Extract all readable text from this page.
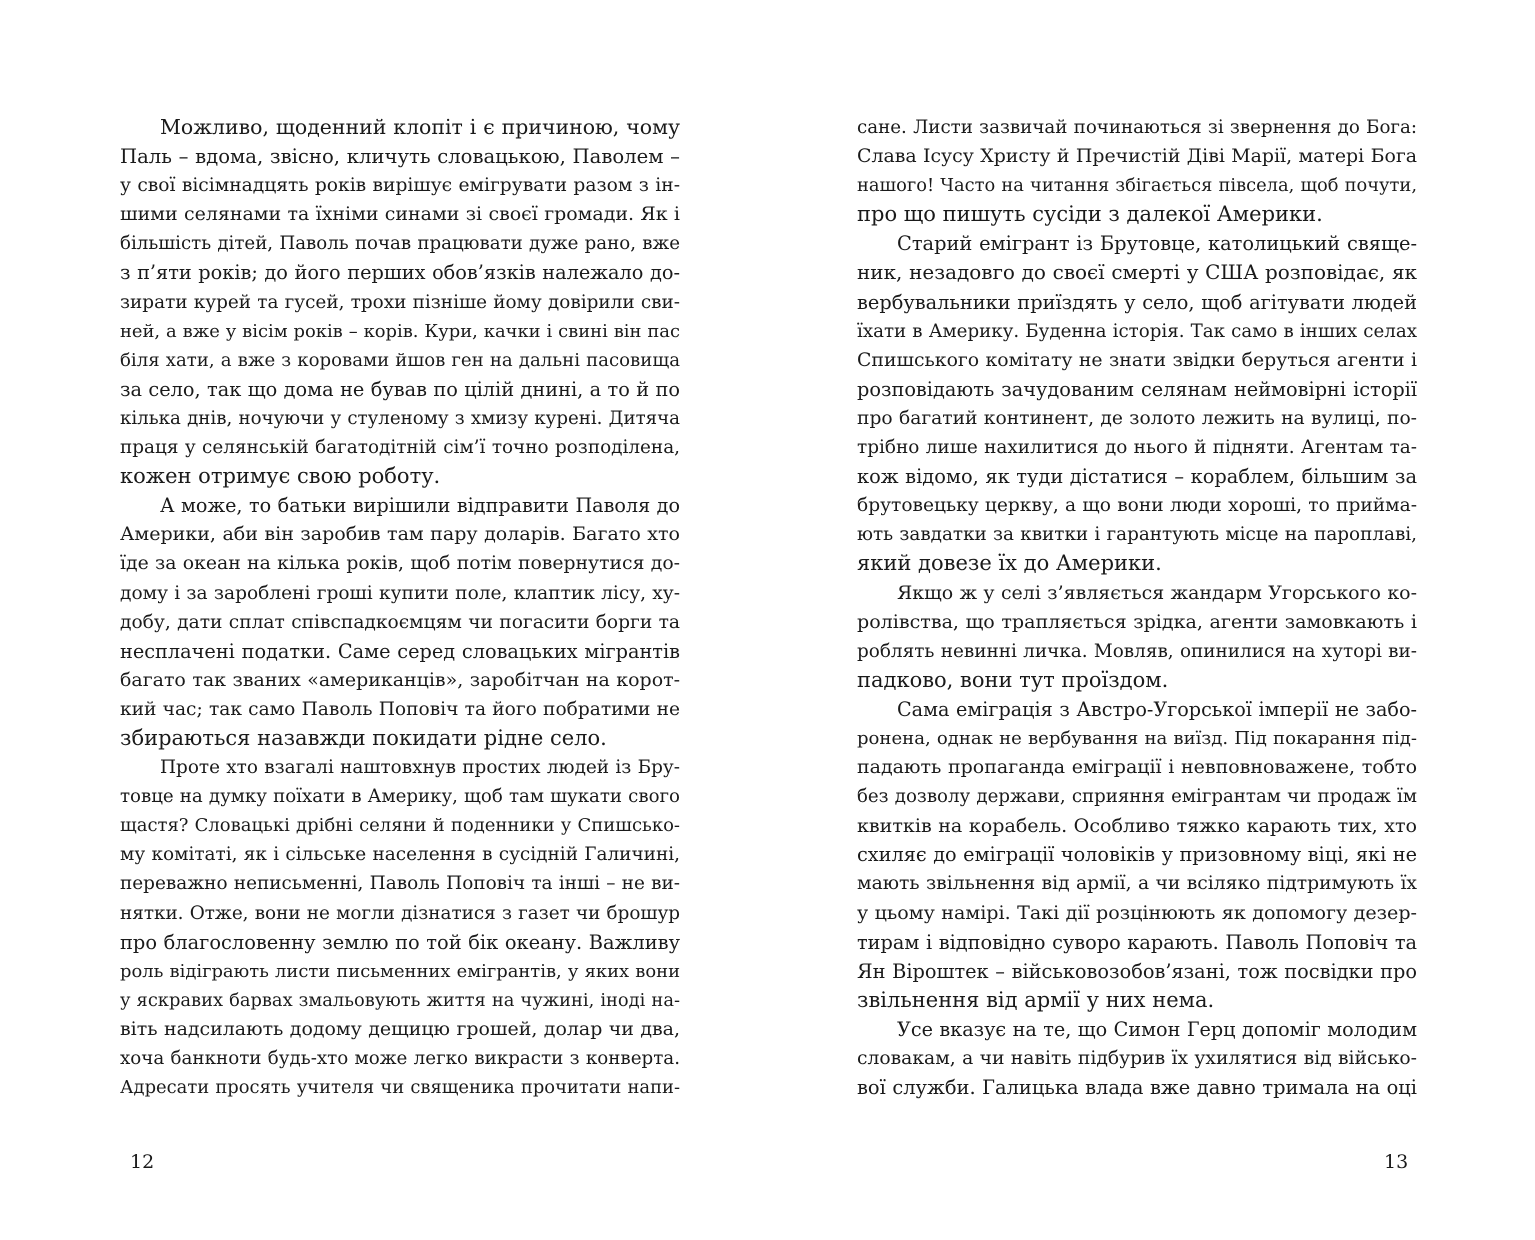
Можливо, щоденний клопіт і є причиною, чому
Паль – вдома, звісно, кличуть словацькою, Паволем –
у свої вісімнадцять років вирішує емігрувати разом з ін-
шими селянами та їхніми синами зі своєї громади. Як і
більшість дітей, Паволь почав працювати дуже рано, вже
з п’яти років; до його перших обов’язків належало до-
зирати курей та гусей, трохи пізніше йому довірили сви-
ней, а вже у вісім років – корів. Кури, качки і свині він пас
біля хати, а вже з коровами йшов ген на дальні пасовища
за село, так що дома не бував по цілій днині, а то й по
кілька днів, ночуючи у стуленому з хмизу курені. Дитяча
праця у селянській багатодітній сім’ї точно розподілена,
кожен отримує свою роботу.
А може, то батьки вирішили відправити Паволя до
Америки, аби він заробив там пару доларів. Багато хто
їде за океан на кілька років, щоб потім повернутися до-
дому і за зароблені гроші купити поле, клаптик лісу, ху-
добу, дати сплат співспадкоємцям чи погасити борги та
несплачені податки. Саме серед словацьких мігрантів
багато так званих «американців», заробітчан на корот-
кий час; так само Паволь Поповіч та його побратими не
збираються назавжди покидати рідне село.
Проте хто взагалі наштовхнув простих людей із Бру-
товце на думку поїхати в Америку, щоб там шукати свого
щастя? Словацькі дрібні селяни й поденники у Спишсько-
му комітаті, як і сільське населення в сусідній Галичині,
переважно неписьменні, Паволь Поповіч та інші – не ви-
нятки. Отже, вони не могли дізнатися з газет чи брошур
про благословенну землю по той бік океану. Важливу
роль відіграють листи письменних емігрантів, у яких вони
у яскравих барвах змальовують життя на чужині, іноді на-
віть надсилають додому дещицю грошей, долар чи два,
хоча банкноти будь-хто може легко викрасти з конверта.
Адресати просять учителя чи священика прочитати напи-
12
сане. Листи зазвичай починаються зі звернення до Бога:
Слава Ісусу Христу й Пречистій Діві Марії, матері Бога
нашого! Часто на читання збігається півсела, щоб почути,
про що пишуть сусіди з далекої Америки.
Старий емігрант із Брутовце, католицький свяще-
ник, незадовго до своєї смерті у США розповідає, як
вербувальники приїздять у село, щоб агітувати людей
їхати в Америку. Буденна історія. Так само в інших селах
Спишського комітату не знати звідки беруться агенти і
розповідають зачудованим селянам неймовірні історії
про багатий континент, де золото лежить на вулиці, по-
трібно лише нахилитися до нього й підняти. Агентам та-
кож відомо, як туди дістатися – кораблем, більшим за
брутовецьку церкву, а що вони люди хороші, то прийма-
ють завдатки за квитки і гарантують місце на пароплаві,
який довезе їх до Америки.
Якщо ж у селі з’являється жандарм Угорського ко-
ролівства, що трапляється зрідка, агенти замовкають і
роблять невинні личка. Мовляв, опинилися на хуторі ви-
падково, вони тут проїздом.
Сама еміграція з Австро-Угорської імперії не забо-
ронена, однак не вербування на виїзд. Під покарання під-
падають пропаганда еміграції і невповноважене, тобто
без дозволу держави, сприяння емігрантам чи продаж їм
квитків на корабель. Особливо тяжко карають тих, хто
схиляє до еміграції чоловіків у призовному віці, які не
мають звільнення від армії, а чи всіляко підтримують їх
у цьому намірі. Такі дії розцінюють як допомогу дезер-
тирам і відповідно суворо карають. Паволь Поповіч та
Ян Віроштек – військовозобов’язані, тож посвідки про
звільнення від армії у них нема.
Усе вказує на те, що Симон Герц допоміг молодим
словакам, а чи навіть підбурив їх ухилятися від військо-
вої служби. Галицька влада вже давно тримала на оці
13
